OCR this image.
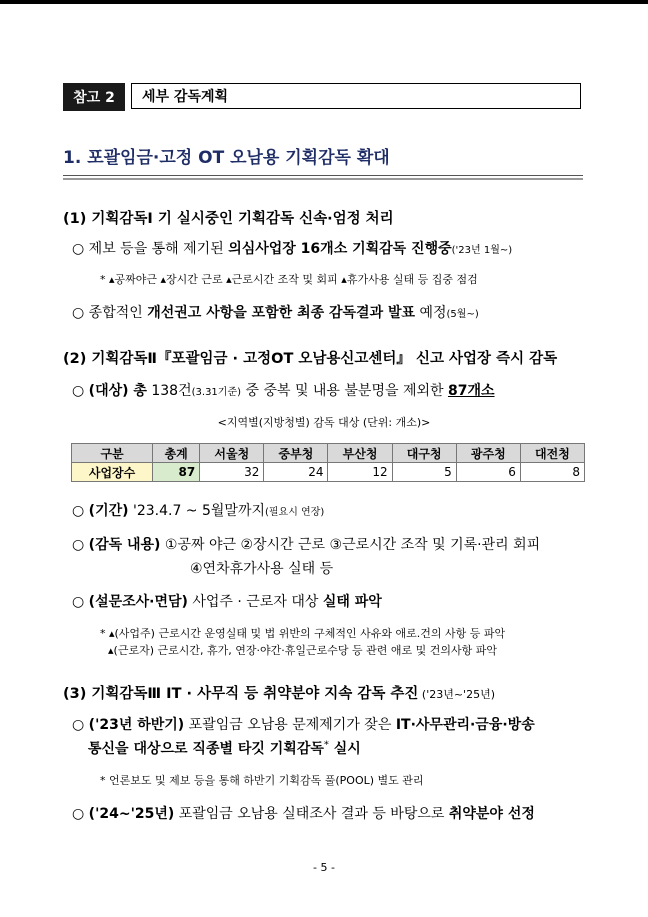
참고 2	세부 감독계획
1. 포괄임금·고정 OT 오남용 기획감독 확대
(1) 기획감독Ⅰ 기 실시중인 기획감독 신속·엄정 처리
○ 제보 등을 통해 제기된 의심사업장 16개소 기획감독 진행중('23년 1월~)
* ▴공짜야근 ▴장시간 근로 ▴근로시간 조작 및 회피 ▴휴가사용 실태 등 집중 점검
○ 종합적인 개선권고 사항을 포함한 최종 감독결과 발표 예정(5월~)
(2) 기획감독Ⅱ『포괄임금 · 고정OT 오남용신고센터』 신고 사업장 즉시 감독
○ (대상) 총 138건(3.31기준) 중 중복 및 내용 불분명을 제외한 87개소
<지역별(지방청별) 감독 대상 (단위: 개소)>
구분	총계	서울청	중부청	부산청	대구청	광주청	대전청
사업장수	87	32	24	12	5	6	8
○ (기간) '23.4.7 ~ 5월말까지(필요시 연장)
○ (감독 내용) ①공짜 야근 ②장시간 근로 ③근로시간 조작 및 기록·관리 회피
④연차휴가사용 실태 등
○ (설문조사·면담) 사업주 · 근로자 대상 실태 파악
* ▴(사업주) 근로시간 운영실태 및 법 위반의 구체적인 사유와 애로.건의 사항 등 파악
▴(근로자) 근로시간, 휴가, 연장·야간·휴일근로수당 등 관련 애로 및 건의사항 파악
(3) 기획감독Ⅲ IT · 사무직 등 취약분야 지속 감독 추진 ('23년~'25년)
○ ('23년 하반기) 포괄임금 오남용 문제제기가 잦은 IT·사무관리·금융·방송
통신을 대상으로 직종별 타깃 기획감독* 실시
* 언론보도 및 제보 등을 통해 하반기 기획감독 풀(POOL) 별도 관리
○ ('24~'25년) 포괄임금 오남용 실태조사 결과 등 바탕으로 취약분야 선정
- 5 -
